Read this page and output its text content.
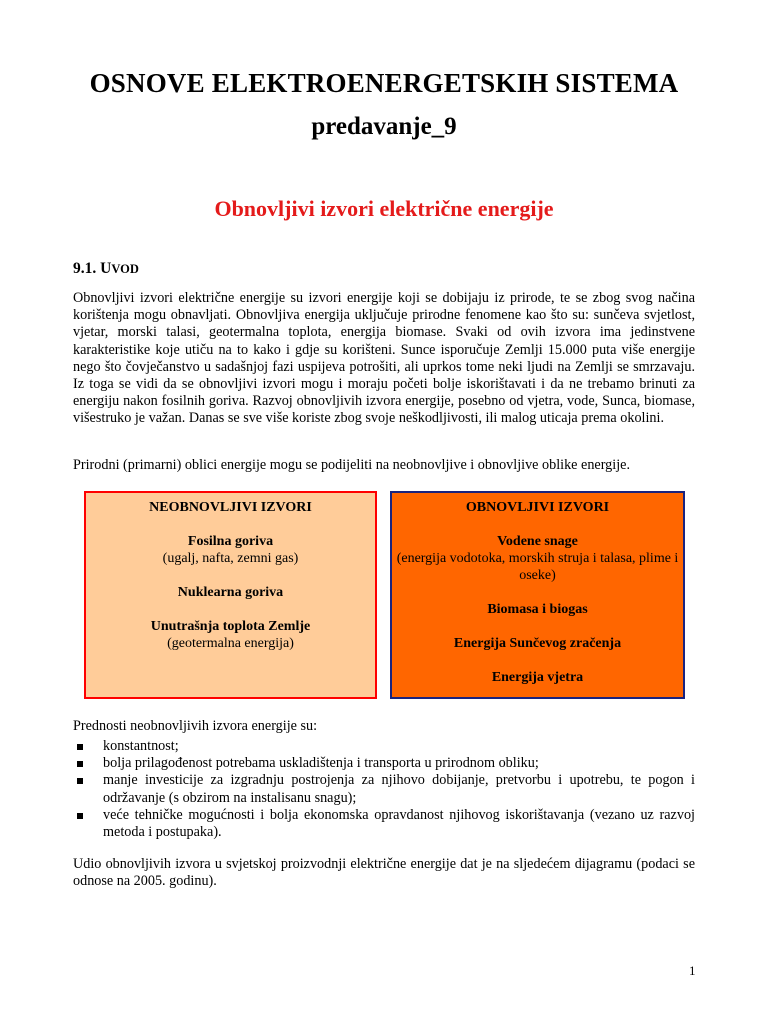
OSNOVE ELEKTROENERGETSKIH SISTEMA
predavanje_9
Obnovljivi izvori električne energije
9.1. UVOD
Obnovljivi izvori električne energije su izvori energije koji se dobijaju iz prirode, te se zbog svog načina korištenja mogu obnavljati. Obnovljiva energija uključuje prirodne fenomene kao što su: sunčeva svjetlost, vjetar, morski talasi, geotermalna toplota, energija biomase. Svaki od ovih izvora ima jedinstvene karakteristike koje utiču na to kako i gdje su korišteni. Sunce isporučuje Zemlji 15.000 puta više energije nego što čovječanstvo u sadašnjoj fazi uspijeva potrošiti, ali uprkos tome neki ljudi na Zemlji se smrzavaju. Iz toga se vidi da se obnovljivi izvori mogu i moraju početi bolje iskorištavati i da ne trebamo brinuti za energiju nakon fosilnih goriva. Razvoj obnovljivih izvora energije, posebno od vjetra, vode, Sunca, biomase, višestruko je važan. Danas se sve više koriste zbog svoje neškodljivosti, ili malog uticaja prema okolini.
Prirodni (primarni) oblici energije mogu se podijeliti na neobnovljive i obnovljive oblike energije.
NEOBNOVLJIVI IZVORI
Fosilna goriva
(ugalj, nafta, zemni gas)
Nuklearna goriva
Unutrašnja toplota Zemlje
(geotermalna energija)
OBNOVLJIVI IZVORI
Vodene snage
(energija vodotoka, morskih struja i talasa, plime i oseke)
Biomasa i biogas
Energija Sunčevog zračenja
Energija vjetra
Prednosti neobnovljivih izvora energije su:
konstantnost;
bolja prilagođenost potrebama uskladištenja i transporta u prirodnom obliku;
manje investicije za izgradnju postrojenja za njihovo dobijanje, pretvorbu i upotrebu, te pogon i održavanje (s obzirom na instalisanu snagu);
veće tehničke mogućnosti i bolja ekonomska opravdanost njihovog iskorištavanja (vezano uz razvoj metoda i postupaka).
Udio obnovljivih izvora u svjetskoj proizvodnji električne energije dat je na sljedećem dijagramu (podaci se odnose na 2005. godinu).
1
